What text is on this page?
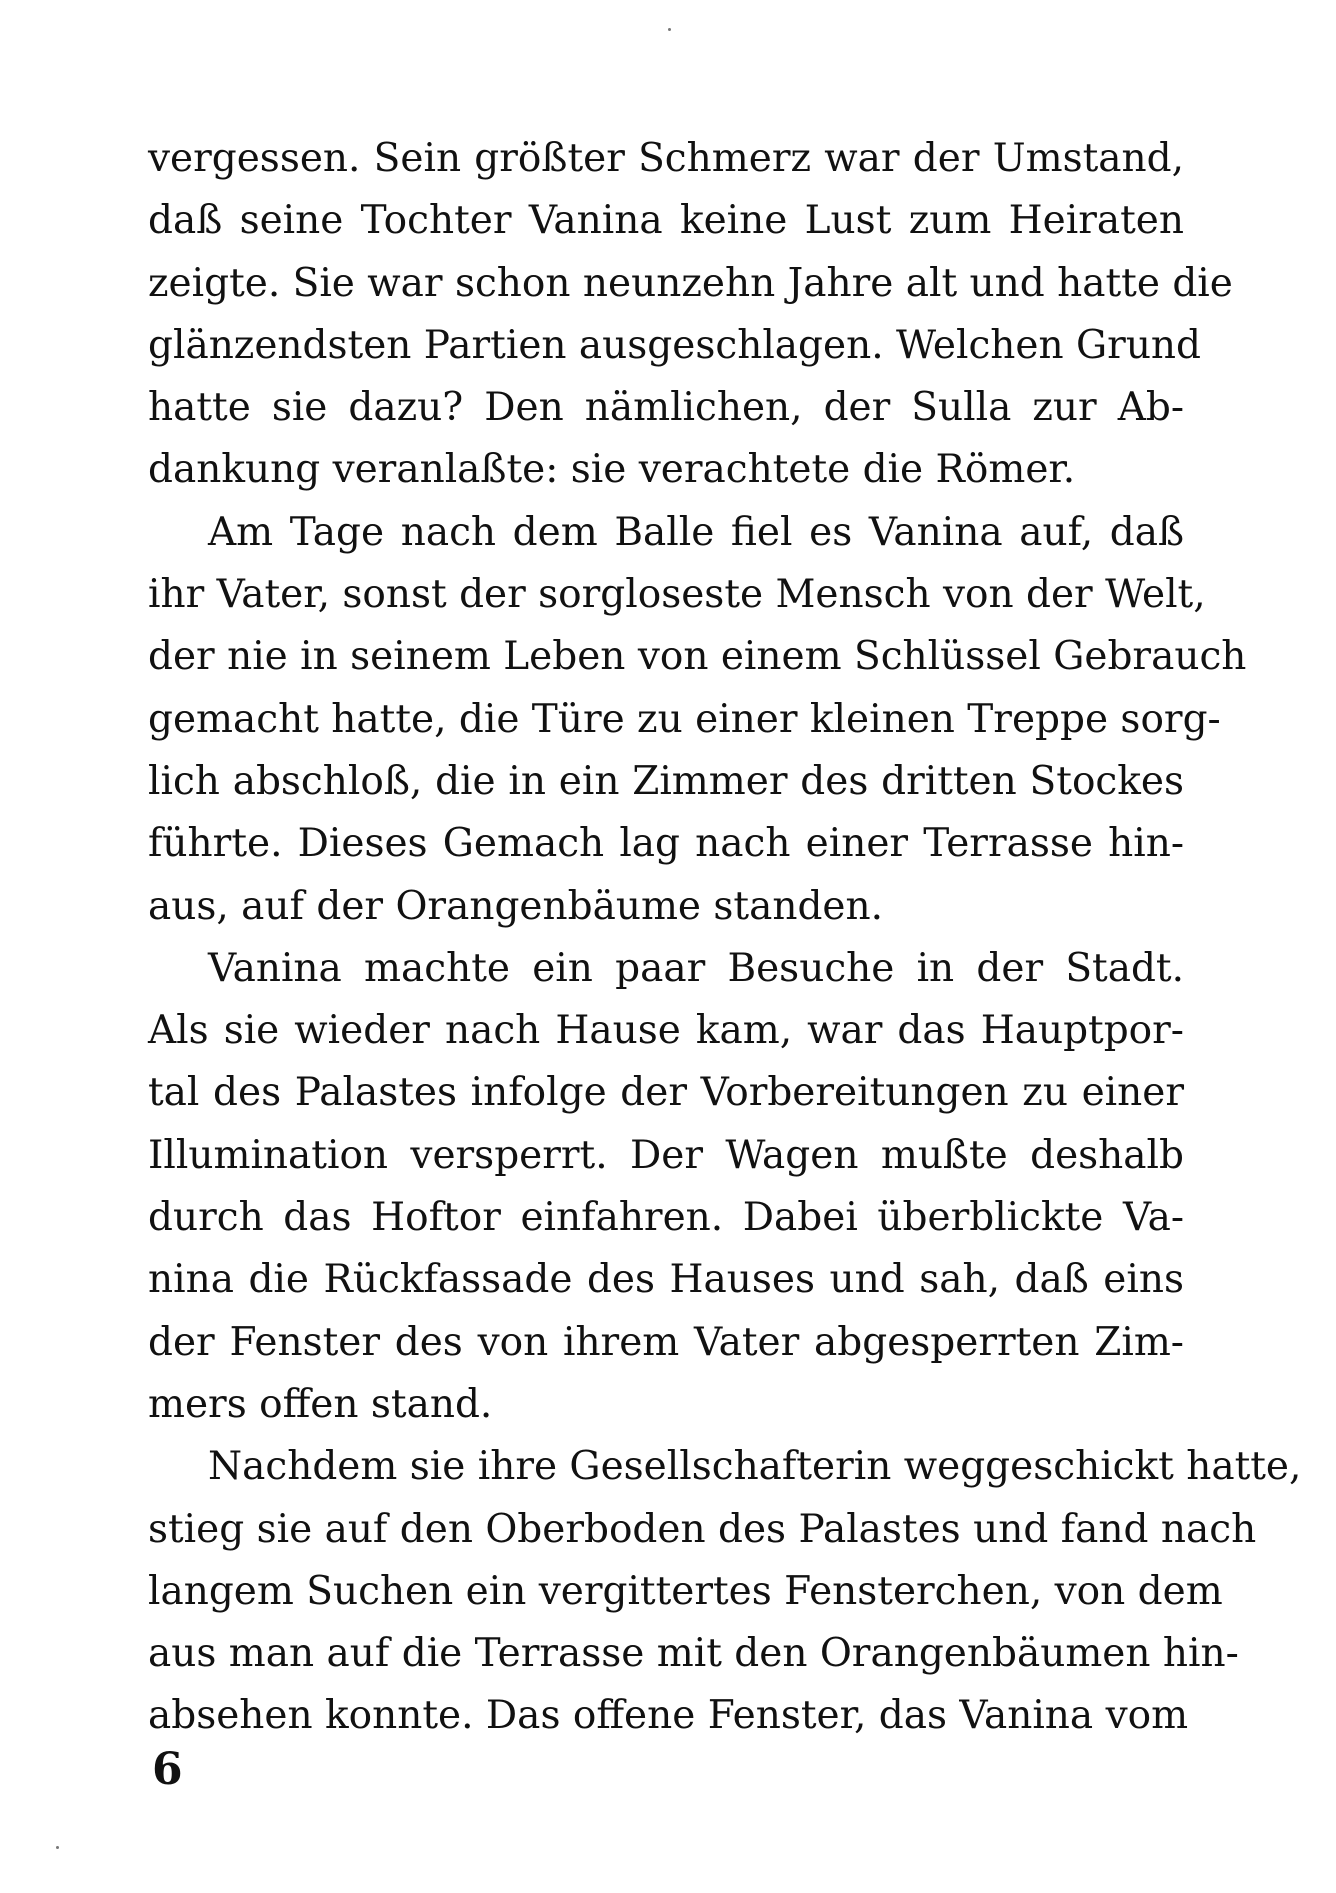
vergessen. Sein größter Schmerz war der Umstand,
daß seine Tochter Vanina keine Lust zum Heiraten
zeigte. Sie war schon neunzehn Jahre alt und hatte die
glänzendsten Partien ausgeschlagen. Welchen Grund
hatte sie dazu? Den nämlichen, der Sulla zur Ab-
dankung veranlaßte: sie verachtete die Römer.

Am Tage nach dem Balle fiel es Vanina auf, daß
ihr Vater, sonst der sorgloseste Mensch von der Welt,
der nie in seinem Leben von einem Schlüssel Gebrauch
gemacht hatte, die Türe zu einer kleinen Treppe sorg-
lich abschloß, die in ein Zimmer des dritten Stockes
führte. Dieses Gemach lag nach einer Terrasse hin-
aus, auf der Orangenbäume standen.

Vanina machte ein paar Besuche in der Stadt.
Als sie wieder nach Hause kam, war das Hauptpor-
tal des Palastes infolge der Vorbereitungen zu einer
Illumination versperrt. Der Wagen mußte deshalb
durch das Hoftor einfahren. Dabei überblickte Va-
nina die Rückfassade des Hauses und sah, daß eins
der Fenster des von ihrem Vater abgesperrten Zim-
mers offen stand.

Nachdem sie ihre Gesellschafterin weggeschickt hatte,
stieg sie auf den Oberboden des Palastes und fand nach
langem Suchen ein vergittertes Fensterchen, von dem
aus man auf die Terrasse mit den Orangenbäumen hin-
absehen konnte. Das offene Fenster, das Vanina vom

6
